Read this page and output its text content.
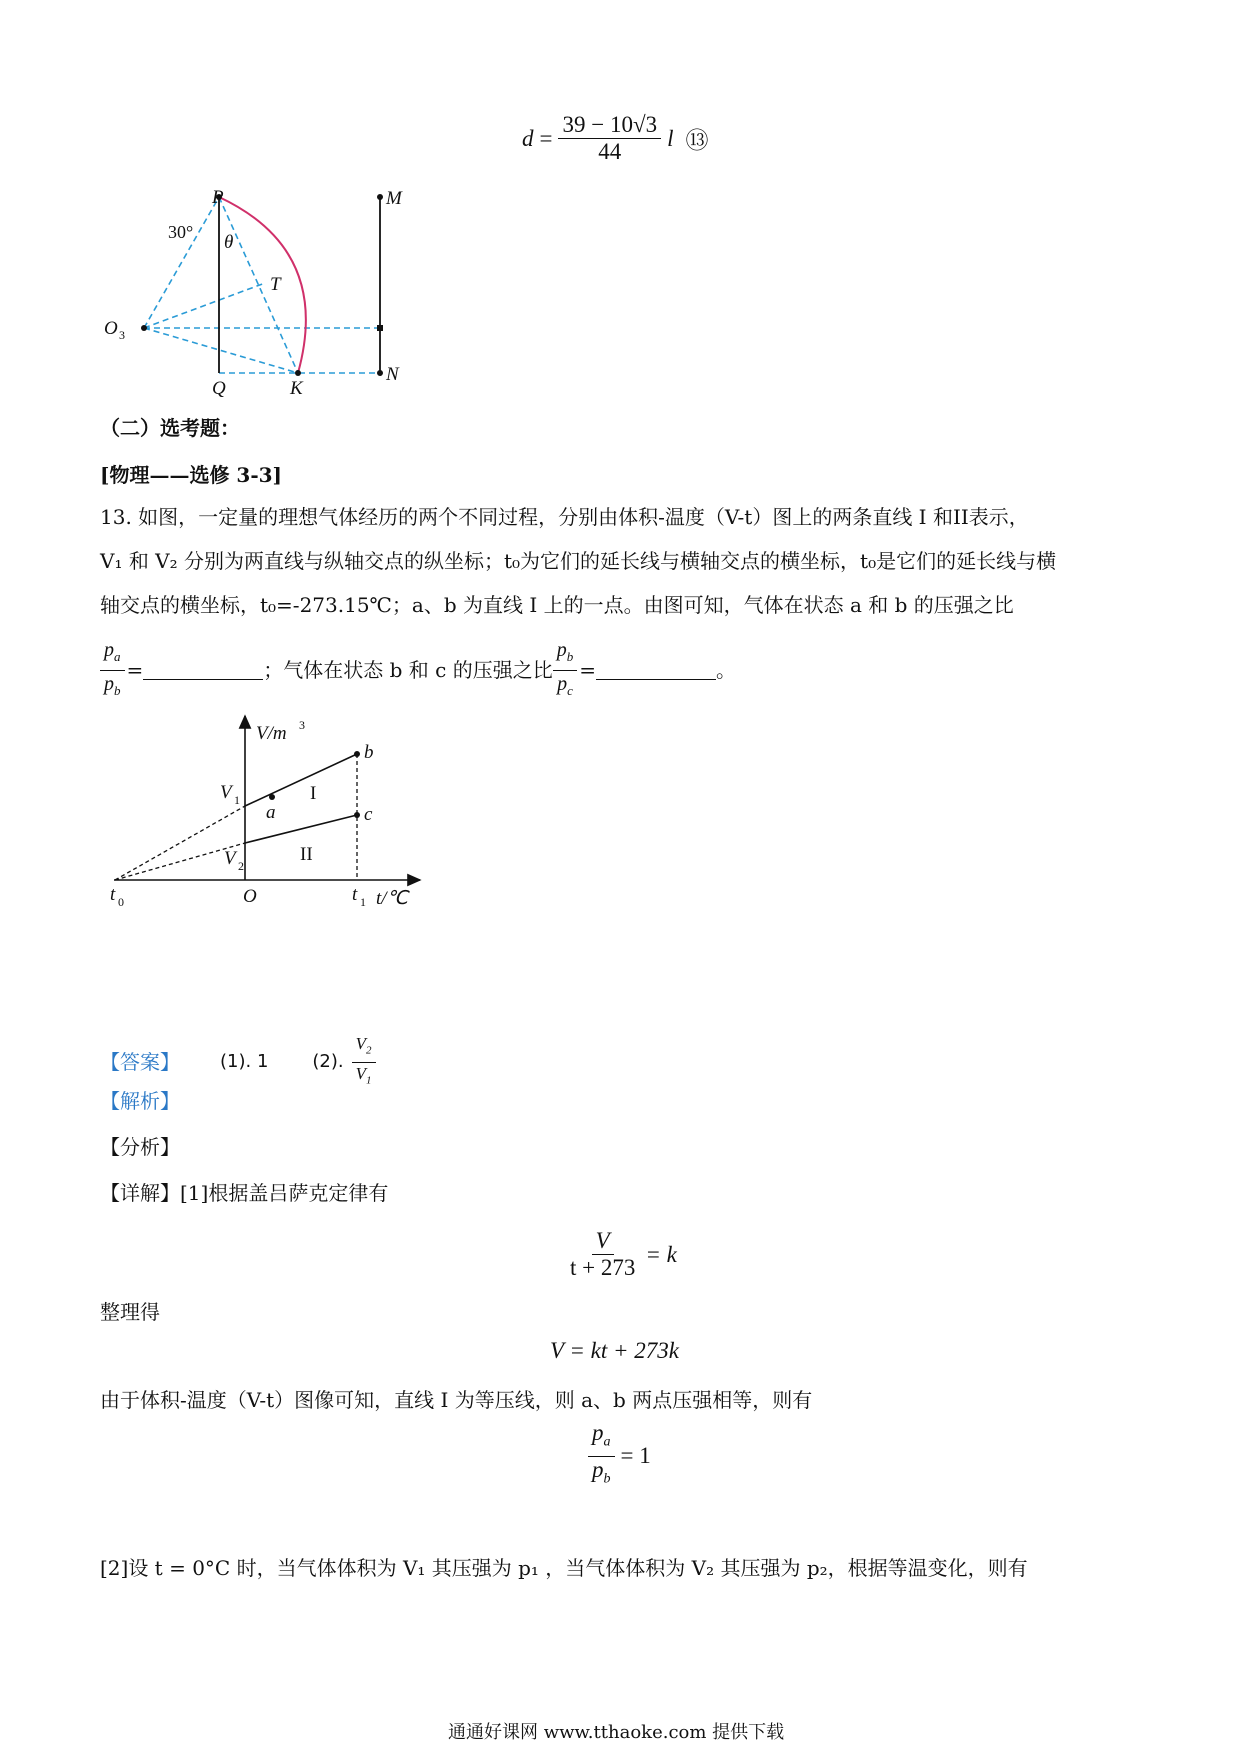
$d = \frac{39 - 10√3}{44}$ l ⑬
P	M
T
θ
O
Q	K
N
30°
3
（二）选考题：
[物理——选修 3-3]
13. 如图，一定量的理想气体经历的两个不同过程，分别由体积-温度（V-t）图上的两条直线 I 和II表示，
V₁ 和 V₂ 分别为两直线与纵轴交点的纵坐标；t₀为它们的延长线与横轴交点的横坐标，t₀是它们的延长线与横
轴交点的横坐标，t₀=-273.15℃；a、b 为直线 I 上的一点。由图可知，气体在状态 a 和 b 的压强之比
$\frac{p_a}{p_b}$ =	；气体在状态 b 和 c 的压强之比 $\frac{p_b}{p_c}$ =	。
V/m
b
V
a	c
V
t	O	t t/℃
3
1
2
0	1
I
II
【答案】 (1). 1 (2). $\frac{V_2}{V_1}$
【解析】
【分析】
【详解】[1]根据盖吕萨克定律有
$\frac{V}{t + 273} = k$
整理得
V = kt + 273k
由于体积-温度（V-t）图像可知，直线 I 为等压线，则 a、b 两点压强相等，则有
$\frac{p_a}{p_b} = 1$
[2]设 t = 0°C 时，当气体体积为 V₁ 其压强为 p₁ ，当气体体积为 V₂ 其压强为 p₂，根据等温变化，则有
通通好课网 www.tthaoke.com 提供下载
